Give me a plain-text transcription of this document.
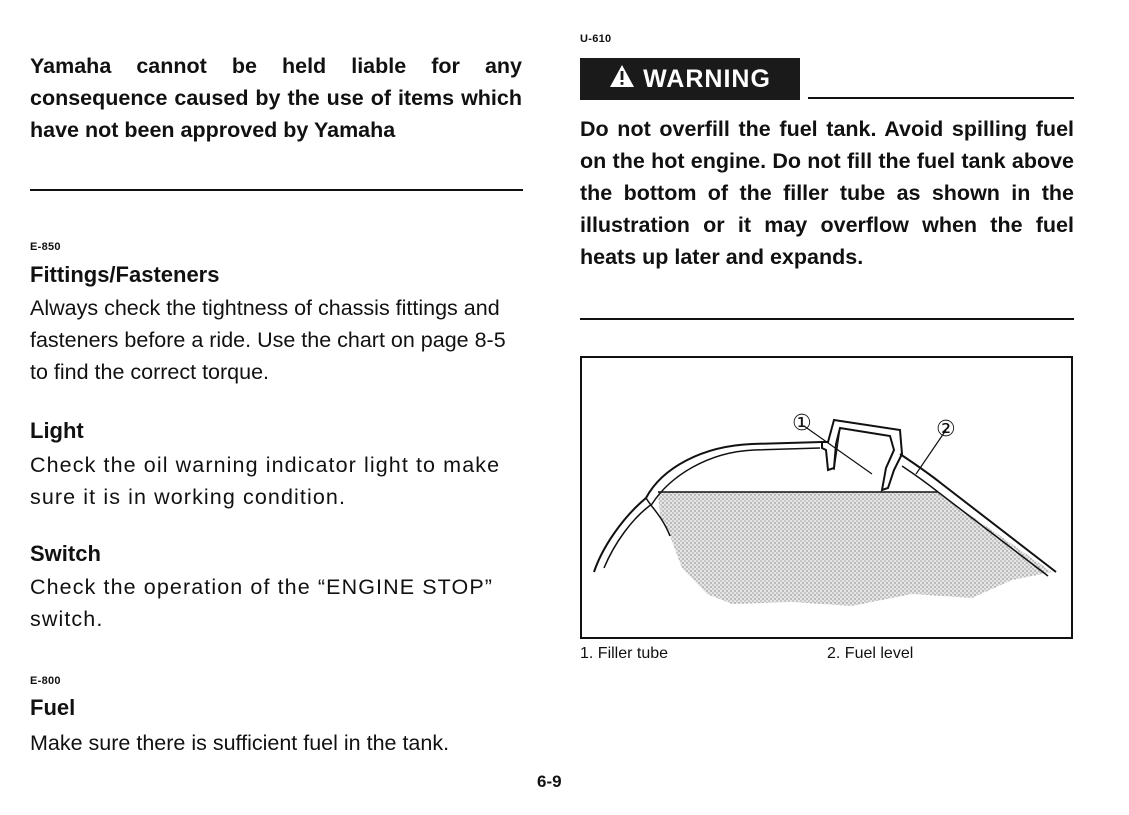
Yamaha cannot be held liable for any consequence caused by the use of items which have not been approved by Yamaha

E-850
Fittings/Fasteners

Always check the tightness of chassis fittings and fasteners before a ride. Use the chart on page 8-5 to find the correct torque.

Light

Check the oil warning indicator light to make sure it is in working condition.

Switch

Check the operation of the “ENGINE STOP” switch.

E-800
Fuel

Make sure there is sufficient fuel in the tank.

U-610
WARNING

Do not overfill the fuel tank. Avoid spilling fuel on the hot engine. Do not fill the fuel tank above the bottom of the filler tube as shown in the illustration or it may overflow when the fuel heats up later and expands.

①	②
1. Filler tube	2. Fuel level
6-9
